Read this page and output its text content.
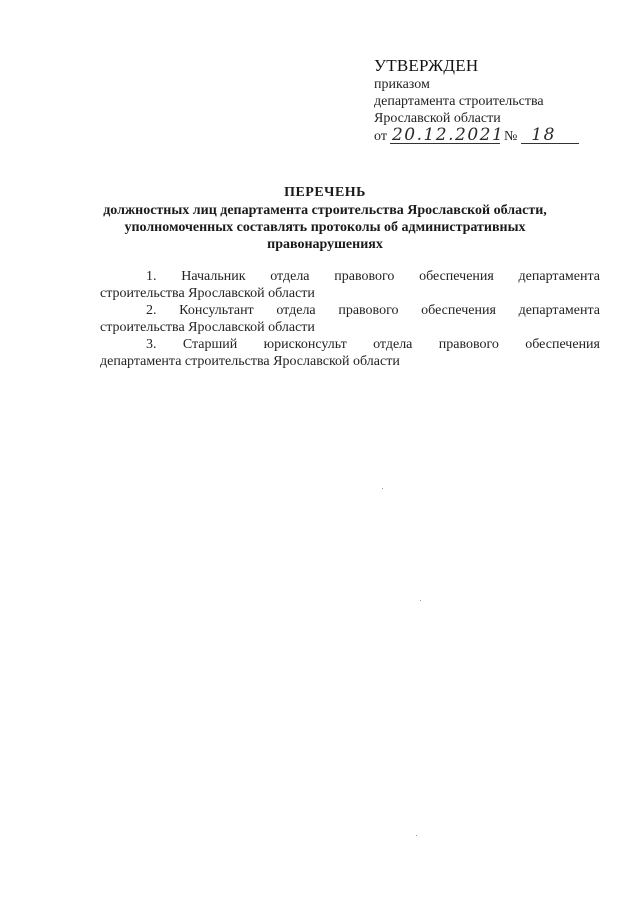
УТВЕРЖДЕН
приказом
департамента строительства
Ярославской области
от 20.12.2021 № 18
ПЕРЕЧЕНЬ
должностных лиц департамента строительства Ярославской области,
уполномоченных составлять протоколы об административных
правонарушениях
1. Начальник отдела правового обеспечения департамента
строительства Ярославской области
2. Консультант отдела правового обеспечения департамента
строительства Ярославской области
3. Старший юрисконсульт отдела правового обеспечения
департамента строительства Ярославской области
